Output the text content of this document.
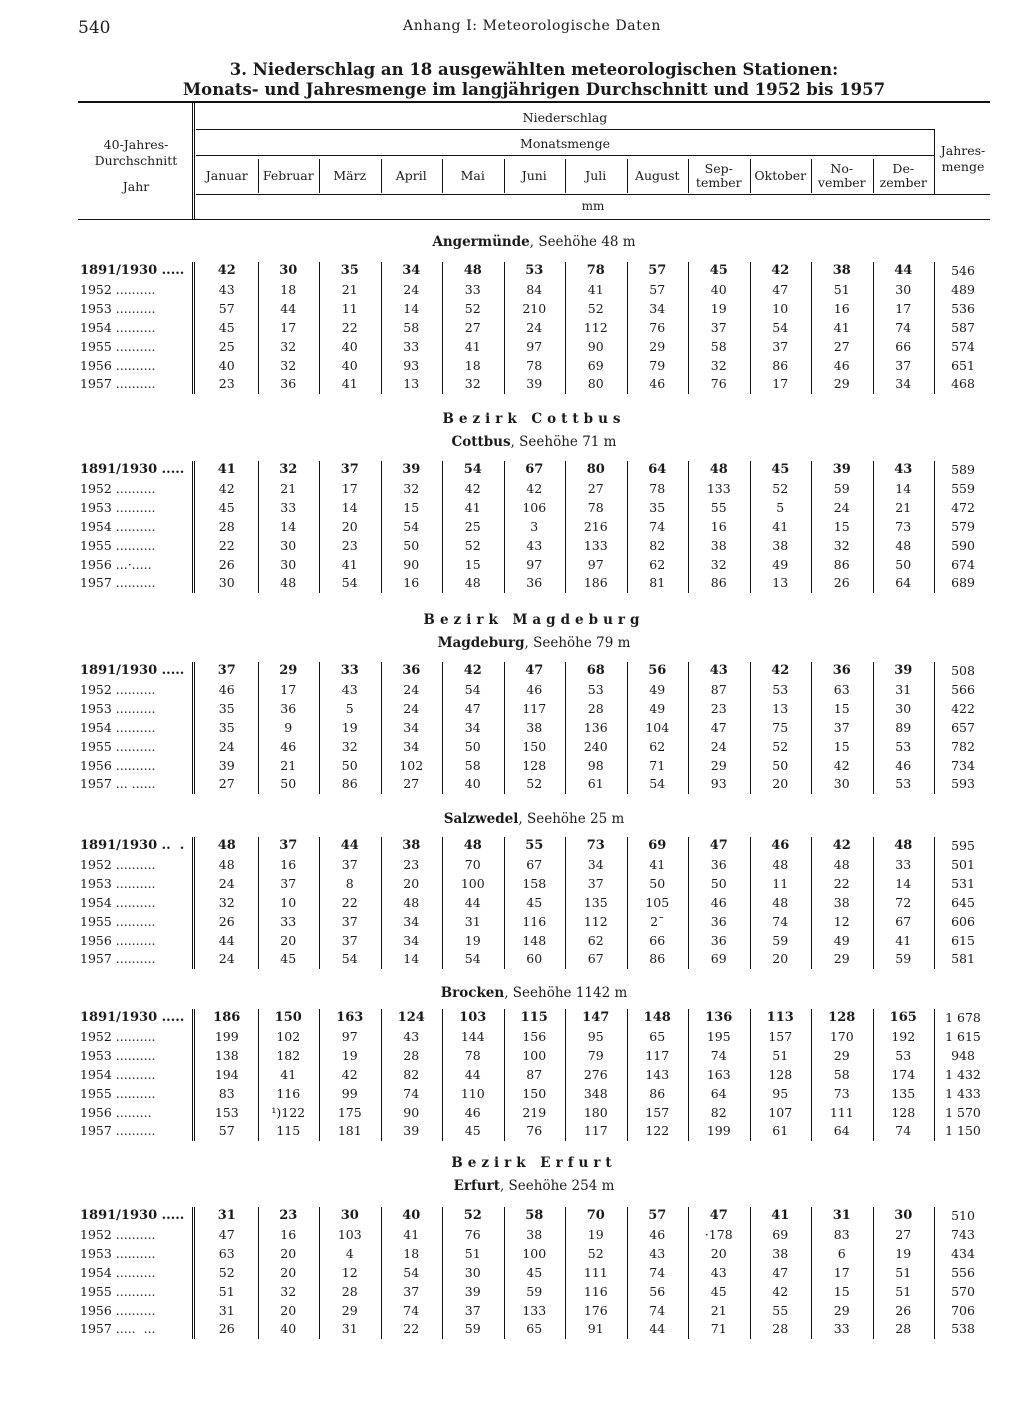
540	Anhang I: Meteorologische Daten
3. Niederschlag an 18 ausgewählten meteorologischen Stationen:
Monats- und Jahresmenge im langjährigen Durchschnitt und 1952 bis 1957
40-Jahres-
Durchschnitt
Jahr
Niederschlag
Monatsmenge
Januar	Februar	März	April	Mai	Juni	Juli	August	Sep-
tember	Oktober	No-
vember
De-
zember
Jahres-
menge
mm
Angermünde, Seehöhe 48 m
1891/1930 .....	42	30	35	34	48	53	78	57	45	42	38	44	546
1952 ..........	43	18	21	24	33	84	41	57	40	47	51	30	489
1953 ..........	57	44	11	14	52	210	52	34	19	10	16	17	536
1954 ..........	45	17	22	58	27	24	112	76	37	54	41	74	587
1955 ..........	25	32	40	33	41	97	90	29	58	37	27	66	574
1956 ..........	40	32	40	93	18	78	69	79	32	86	46	37	651
1957 ..........	23	36	41	13	32	39	80	46	76	17	29	34	468
Bezirk Cottbus
Cottbus, Seehöhe 71 m
1891/1930 .....	41	32	37	39	54	67	80	64	48	45	39	43	589
1952 ..........	42	21	17	32	42	42	27	78	133	52	59	14	559
1953 ..........	45	33	14	15	41	106	78	35	55	5	24	21	472
1954 ..........	28	14	20	54	25	3	216	74	16	41	15	73	579
1955 ..........	22	30	23	50	52	43	133	82	38	38	32	48	590
1956 ...·.....	26	30	41	90	15	97	97	62	32	49	86	50	674
1957 ..........	30	48	54	16	48	36	186	81	86	13	26	64	689
Bezirk Magdeburg
Magdeburg, Seehöhe 79 m
1891/1930 .....	37	29	33	36	42	47	68	56	43	42	36	39	508
1952 ..........	46	17	43	24	54	46	53	49	87	53	63	31	566
1953 ..........	35	36	5	24	47	117	28	49	23	13	15	30	422
1954 ..........	35	9	19	34	34	38	136	104	47	75	37	89	657
1955 ..........	24	46	32	34	50	150	240	62	24	52	15	53	782
1956 ..........	39	21	50	102	58	128	98	71	29	50	42	46	734
1957 ... ......	27	50	86	27	40	52	61	54	93	20	30	53	593
Salzwedel, Seehöhe 25 m
1891/1930 ..  .	48	37	44	38	48	55	73	69	47	46	42	48	595
1952 ..........	48	16	37	23	70	67	34	41	36	48	48	33	501
1953 ..........	24	37	8	20	100	158	37	50	50	11	22	14	531
1954 ..........	32	10	22	48	44	45	135	105	46	48	38	72	645
1955 ..........	26	33	37	34	31	116	112	2ˉ	36	74	12	67	606
1956 ..........	44	20	37	34	19	148	62	66	36	59	49	41	615
1957 ..........	24	45	54	14	54	60	67	86	69	20	29	59	581
Brocken, Seehöhe 1142 m
1891/1930 .....	186	150	163	124	103	115	147	148	136	113	128	165	1 678
1952 ..........	199	102	97	43	144	156	95	65	195	157	170	192	1 615
1953 ..........	138	182	19	28	78	100	79	117	74	51	29	53	948
1954 ..........	194	41	42	82	44	87	276	143	163	128	58	174	1 432
1955 ..........	83	116	99	74	110	150	348	86	64	95	73	135	1 433
1956 .........	153	¹)122	175	90	46	219	180	157	82	107	111	128	1 570
1957 ..........	57	115	181	39	45	76	117	122	199	61	64	74	1 150
Bezirk Erfurt
Erfurt, Seehöhe 254 m
1891/1930 .....	31	23	30	40	52	58	70	57	47	41	31	30	510
1952 ..........	47	16	103	41	76	38	19	46	·178	69	83	27	743
1953 ..........	63	20	4	18	51	100	52	43	20	38	6	19	434
1954 ..........	52	20	12	54	30	45	111	74	43	47	17	51	556
1955 ..........	51	32	28	37	39	59	116	56	45	42	15	51	570
1956 ..........	31	20	29	74	37	133	176	74	21	55	29	26	706
1957 .....  ...	26	40	31	22	59	65	91	44	71	28	33	28	538
